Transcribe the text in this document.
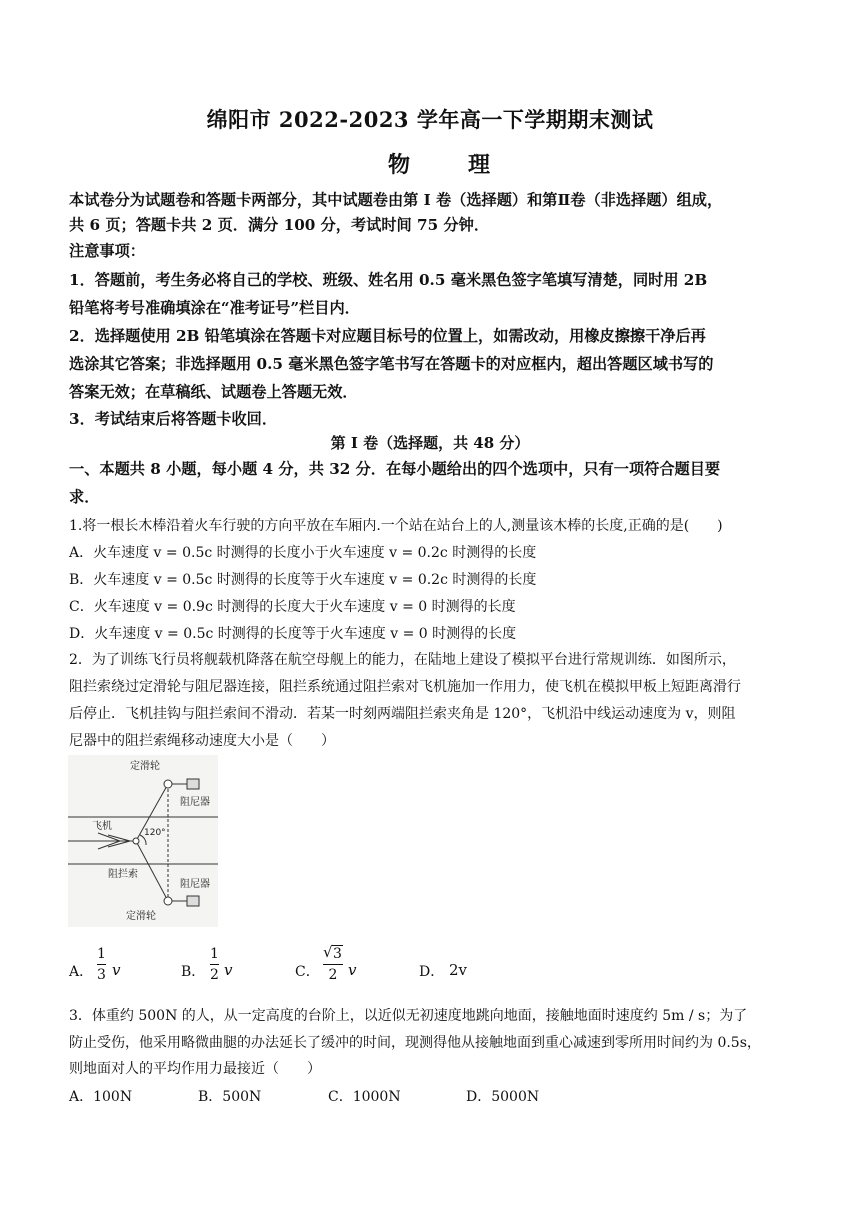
绵阳市 2022-2023 学年高一下学期期末测试
物　理
本试卷分为试题卷和答题卡两部分，其中试题卷由第 I 卷（选择题）和第Ⅱ卷（非选择题）组成，
共 6 页；答题卡共 2 页．满分 100 分，考试时间 75 分钟．
注意事项：
1．答题前，考生务必将自己的学校、班级、姓名用 0.5 毫米黑色签字笔填写清楚，同时用 2B
铅笔将考号准确填涂在“准考证号”栏目内．
2．选择题使用 2B 铅笔填涂在答题卡对应题目标号的位置上，如需改动，用橡皮擦擦干净后再
选涂其它答案；非选择题用 0.5 毫米黑色签字笔书写在答题卡的对应框内，超出答题区域书写的
答案无效；在草稿纸、试题卷上答题无效．
3．考试结束后将答题卡收回．
第 I 卷（选择题，共 48 分）
一、本题共 8 小题，每小题 4 分，共 32 分．在每小题给出的四个选项中，只有一项符合题目要
求．
1.将一根长木棒沿着火车行驶的方向平放在车厢内.一个站在站台上的人,测量该木棒的长度,正确的是(　　)
A．火车速度 v = 0.5c 时测得的长度小于火车速度 v = 0.2c 时测得的长度
B．火车速度 v = 0.5c 时测得的长度等于火车速度 v = 0.2c 时测得的长度
C．火车速度 v = 0.9c 时测得的长度大于火车速度 v = 0 时测得的长度
D．火车速度 v = 0.5c 时测得的长度等于火车速度 v = 0 时测得的长度
2．为了训练飞行员将舰载机降落在航空母舰上的能力，在陆地上建设了模拟平台进行常规训练．如图所示，
阻拦索绕过定滑轮与阻尼器连接，阻拦系统通过阻拦索对飞机施加一作用力，使飞机在模拟甲板上短距离滑行
后停止．飞机挂钩与阻拦索间不滑动．若某一时刻两端阻拦索夹角是 120°，飞机沿中线运动速度为 v，则阻
尼器中的阻拦索绳移动速度大小是（　　）
定滑轮
阻尼器
飞机
120°
阻拦索
阻尼器
定滑轮
A．
1
3 v	B．
1
2 v	C．
√ 3
2 v	D． 2v
3．体重约 500N 的人，从一定高度的台阶上，以近似无初速度地跳向地面，接触地面时速度约 5m / s；为了
防止受伤，他采用略微曲腿的办法延长了缓冲的时间，现测得他从接触地面到重心减速到零所用时间约为 0.5s，
则地面对人的平均作用力最接近（　　）
A．100N	B．500N	C．1000N	D．5000N
